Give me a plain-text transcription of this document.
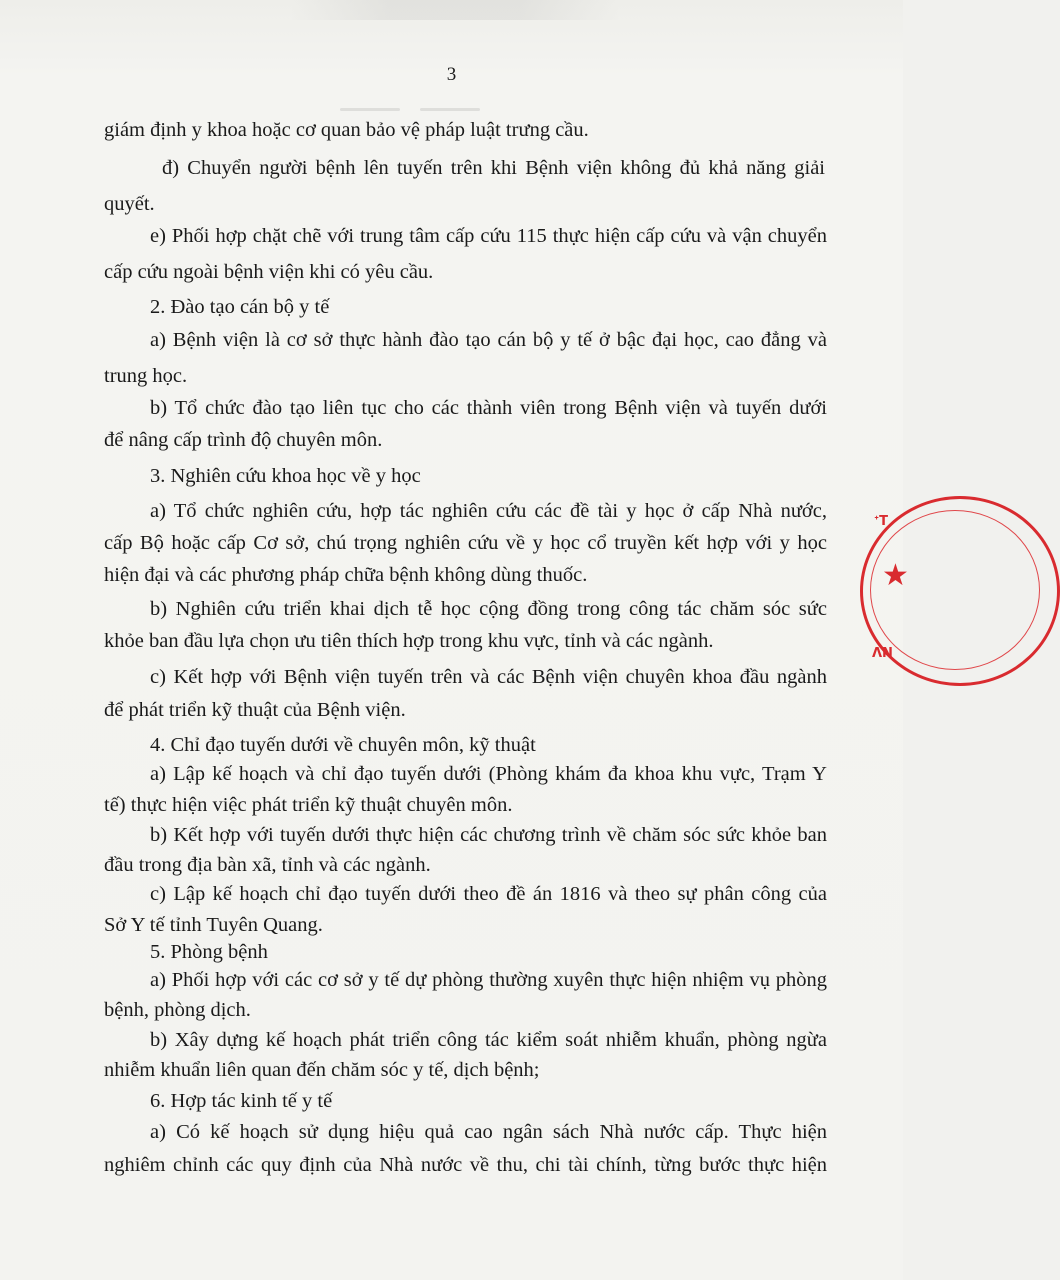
3
giám định y khoa hoặc cơ quan bảo vệ pháp luật trưng cầu.
đ) Chuyển người bệnh lên tuyến trên khi Bệnh viện không đủ khả năng giải
quyết.
e) Phối hợp chặt chẽ với trung tâm cấp cứu 115 thực hiện cấp cứu và vận chuyển
cấp cứu ngoài bệnh viện khi có yêu cầu.
2. Đào tạo cán bộ y tế
a) Bệnh viện là cơ sở thực hành đào tạo cán bộ y tế ở bậc đại học, cao đẳng và
trung học.
b) Tổ chức đào tạo liên tục cho các thành viên trong Bệnh viện và tuyến dưới
để nâng cấp trình độ chuyên môn.
3. Nghiên cứu khoa học về y học
a) Tổ chức nghiên cứu, hợp tác nghiên cứu các đề tài y học ở cấp Nhà nước,
cấp Bộ hoặc cấp Cơ sở, chú trọng nghiên cứu về y học cổ truyền kết hợp với y học
hiện đại và các phương pháp chữa bệnh không dùng thuốc.
b) Nghiên cứu triển khai dịch tễ học cộng đồng trong công tác chăm sóc sức
khỏe ban đầu lựa chọn ưu tiên thích hợp trong khu vực, tỉnh và các ngành.
c) Kết hợp với Bệnh viện tuyến trên và các Bệnh viện chuyên khoa đầu ngành
để phát triển kỹ thuật của Bệnh viện.
4. Chỉ đạo tuyến dưới về chuyên môn, kỹ thuật
a) Lập kế hoạch và chỉ đạo tuyến dưới (Phòng khám đa khoa khu vực, Trạm Y
tế) thực hiện việc phát triển kỹ thuật chuyên môn.
b) Kết hợp với tuyến dưới thực hiện các chương trình về chăm sóc sức khỏe ban
đầu trong địa bàn xã, tỉnh và các ngành.
c) Lập kế hoạch chỉ đạo tuyến dưới theo đề án 1816 và theo sự phân công của
Sở Y tế tỉnh Tuyên Quang.
5. Phòng bệnh
a) Phối hợp với các cơ sở y tế dự phòng thường xuyên thực hiện nhiệm vụ phòng
bệnh, phòng dịch.
b) Xây dựng kế hoạch phát triển công tác kiểm soát nhiễm khuẩn, phòng ngừa
nhiễm khuẩn liên quan đến chăm sóc y tế, dịch bệnh;
6. Hợp tác kinh tế y tế
a) Có kế hoạch sử dụng hiệu quả cao ngân sách Nhà nước cấp. Thực hiện
nghiêm chỉnh các quy định của Nhà nước về thu, chi tài chính, từng bước thực hiện
★
ᐩT
ᐱN
